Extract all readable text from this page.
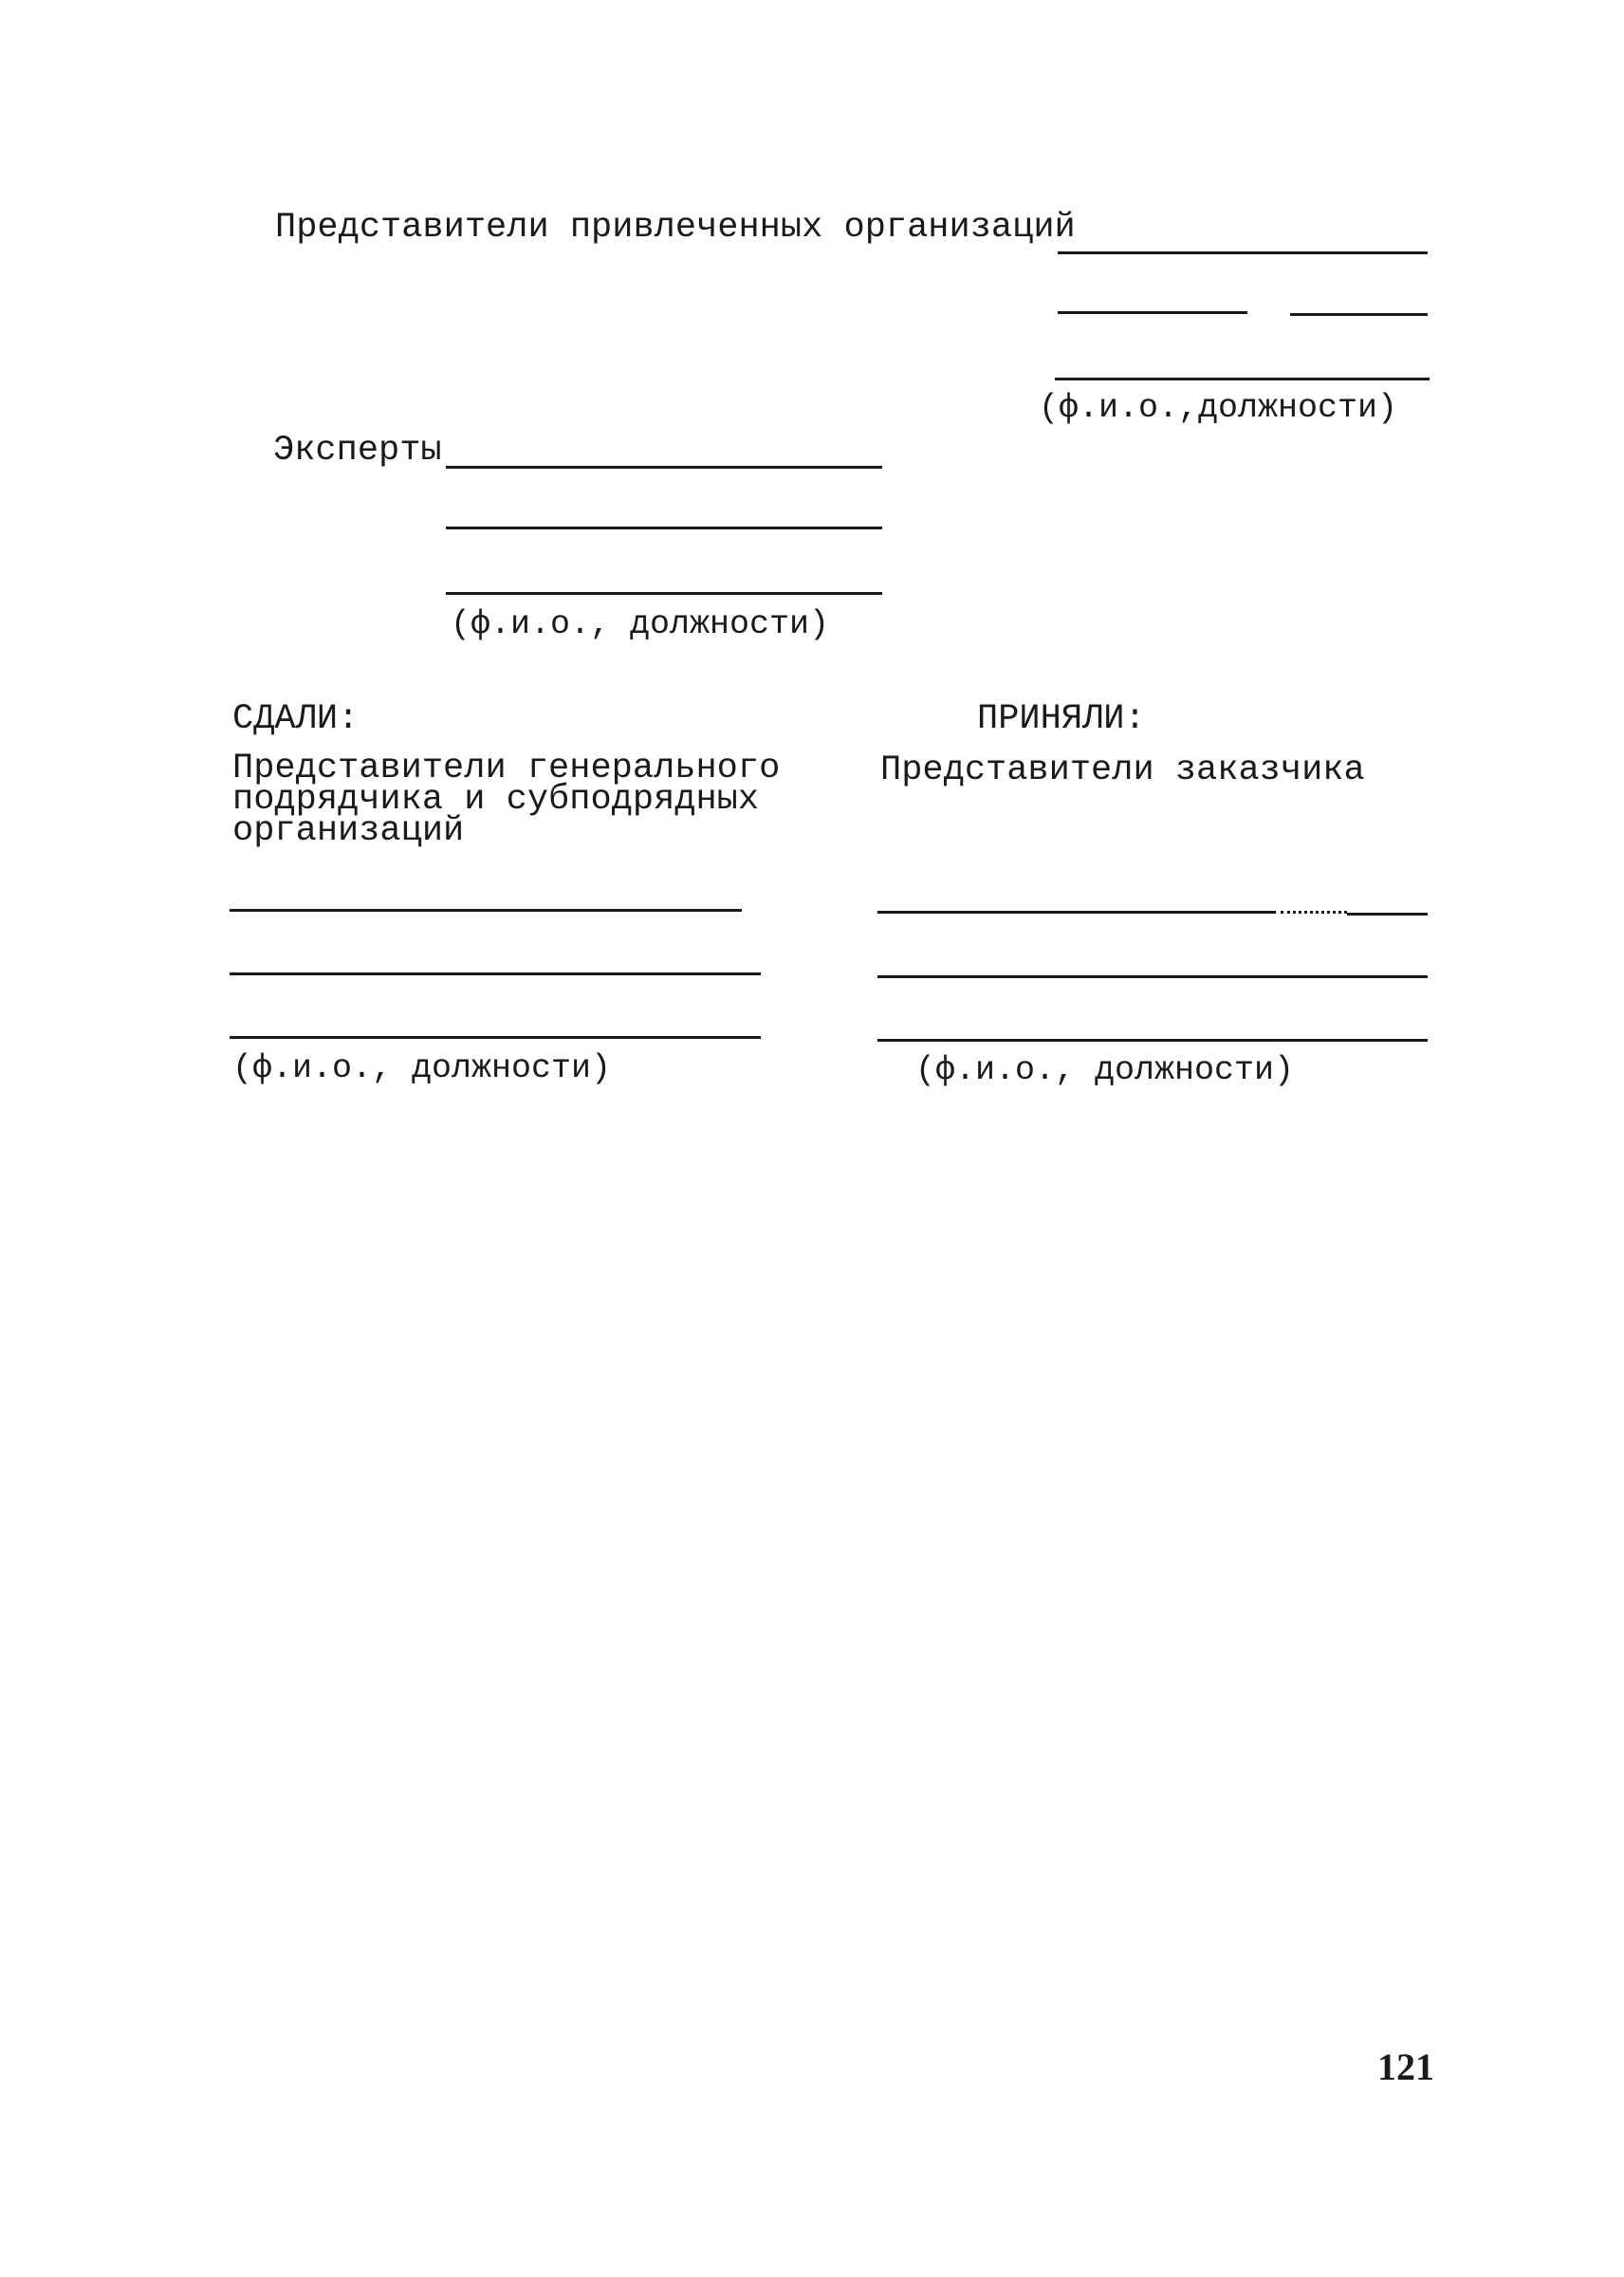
Представители привлеченных организаций
(ф.и.о.,должности)
Эксперты
(ф.и.о., должности)
СДАЛИ:
Представители генерального
подрядчика и субподрядных
организаций
(ф.и.о., должности)
ПРИНЯЛИ:
Представители заказчика
(ф.и.о., должности)
121
